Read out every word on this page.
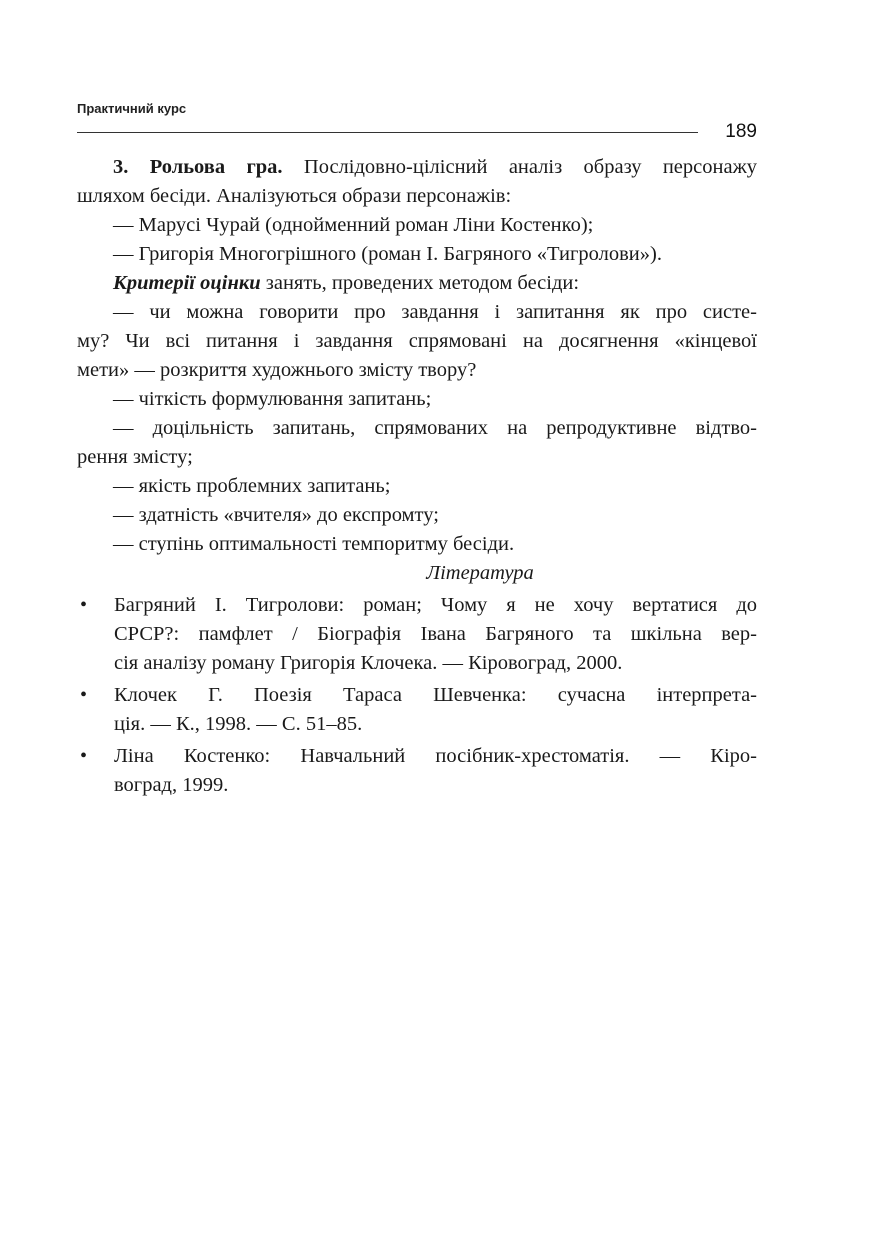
Практичний курс
189
3. Рольова гра. Послідовно-цілісний аналіз образу персонажу
шляхом бесіди. Аналізуються образи персонажів:
— Марусі Чурай (однойменний роман Ліни Костенко);
— Григорія Многогрішного (роман І. Багряного «Тигролови»).
Критерії оцінки занять, проведених методом бесіди:
— чи можна говорити про завдання і запитання як про систе-
му? Чи всі питання і завдання спрямовані на досягнення «кінцевої
мети» — розкриття художнього змісту твору?
— чіткість формулювання запитань;
— доцільність запитань, спрямованих на репродуктивне відтво-
рення змісту;
— якість проблемних запитань;
— здатність «вчителя» до експромту;
— ступінь оптимальності темпоритму бесіди.
Література
• Багряний І. Тигролови: роман; Чому я не хочу вертатися до
СРСР?: памфлет / Біографія Івана Багряного та шкільна вер-
сія аналізу роману Григорія Клочека. — Кіровоград, 2000.
• Клочек Г. Поезія Тараса Шевченка: сучасна інтерпрета-
ція. — К., 1998. — С. 51–85.
• Ліна Костенко: Навчальний посібник-хрестоматія. — Кіро-
воград, 1999.
